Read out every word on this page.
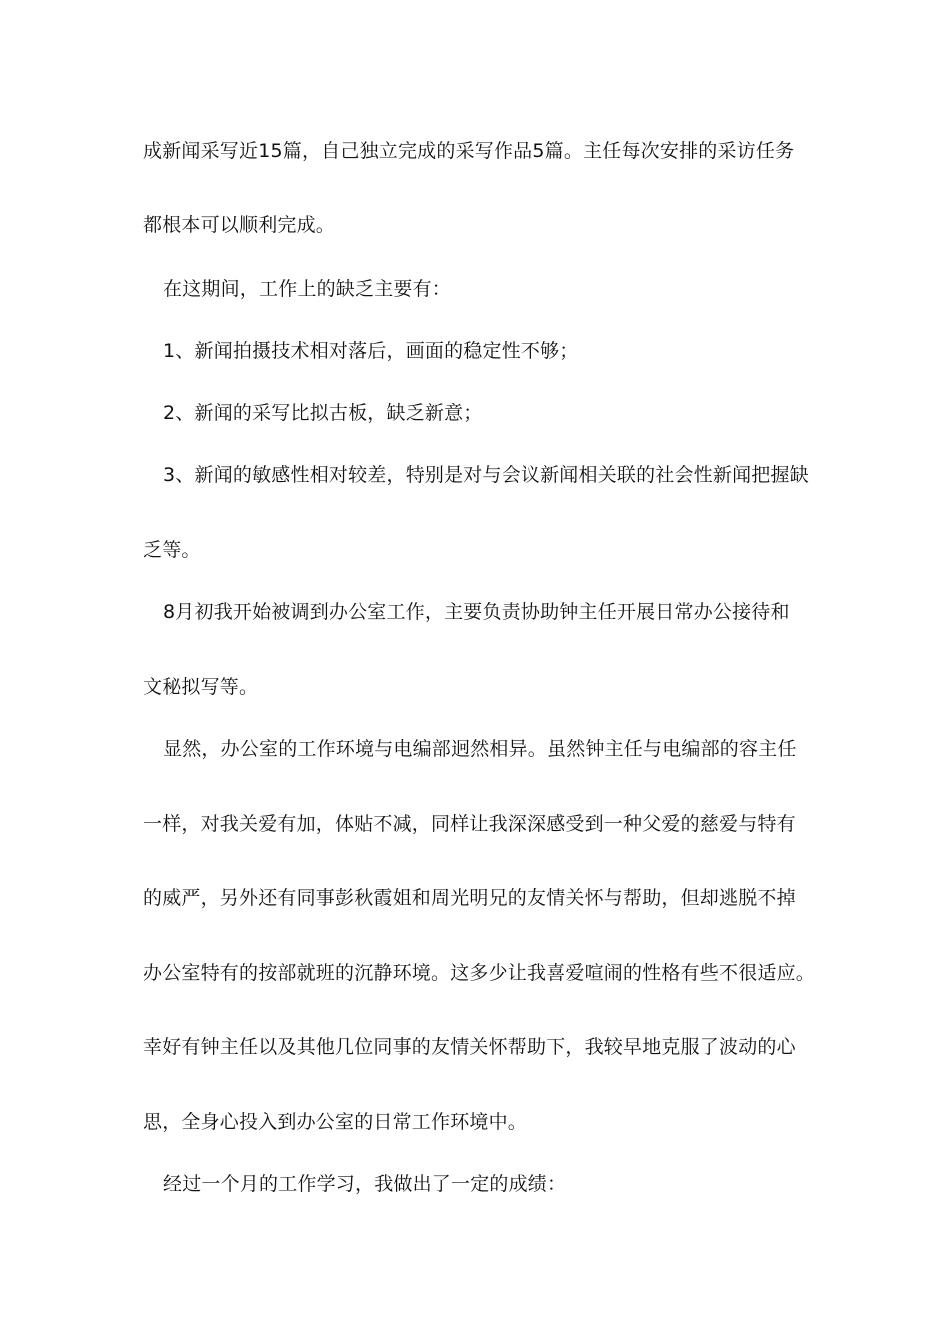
成新闻采写近15篇，自己独立完成的采写作品5篇。主任每次安排的采访任务
都根本可以顺利完成。
在这期间，工作上的缺乏主要有：
1、新闻拍摄技术相对落后，画面的稳定性不够；
2、新闻的采写比拟古板，缺乏新意；
3、新闻的敏感性相对较差，特别是对与会议新闻相关联的社会性新闻把握缺
乏等。
8月初我开始被调到办公室工作，主要负责协助钟主任开展日常办公接待和
文秘拟写等。
显然，办公室的工作环境与电编部迥然相异。虽然钟主任与电编部的容主任
一样，对我关爱有加，体贴不减，同样让我深深感受到一种父爱的慈爱与特有
的威严，另外还有同事彭秋霞姐和周光明兄的友情关怀与帮助，但却逃脱不掉
办公室特有的按部就班的沉静环境。这多少让我喜爱喧闹的性格有些不很适应。
幸好有钟主任以及其他几位同事的友情关怀帮助下，我较早地克服了波动的心
思，全身心投入到办公室的日常工作环境中。
经过一个月的工作学习，我做出了一定的成绩：
